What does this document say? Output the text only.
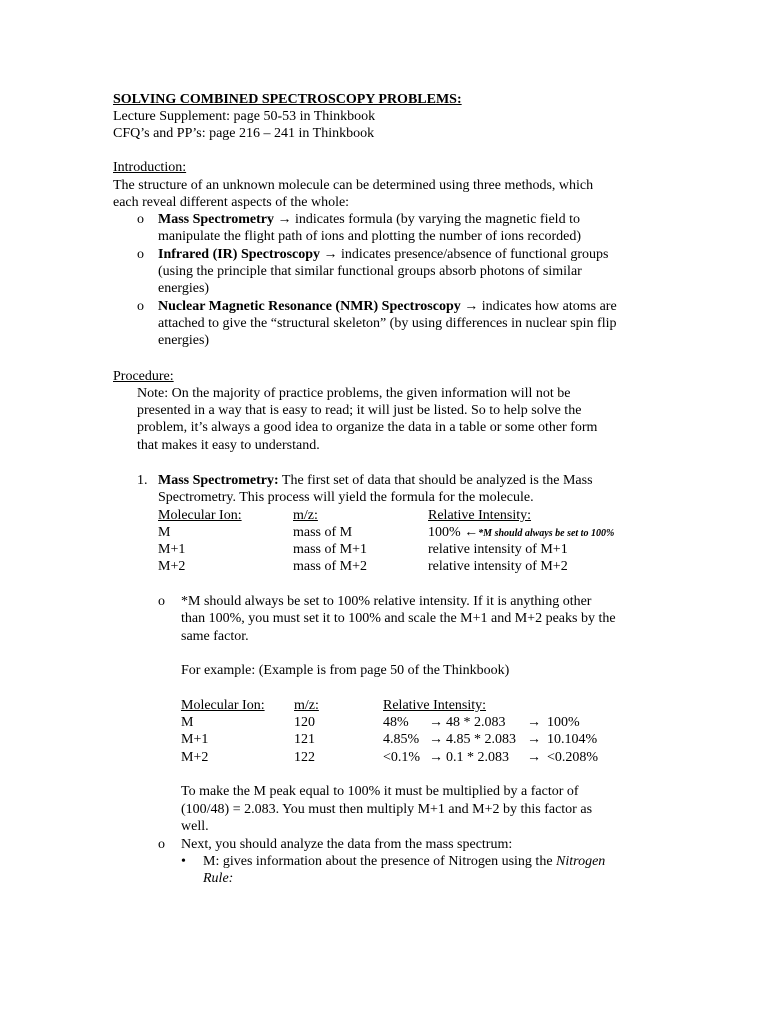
SOLVING COMBINED SPECTROSCOPY PROBLEMS:
Lecture Supplement: page 50-53 in Thinkbook
CFQ’s and PP’s: page 216 – 241 in Thinkbook
Introduction:
The structure of an unknown molecule can be determined using three methods, which
each reveal different aspects of the whole:
o Mass Spectrometry → indicates formula (by varying the magnetic field to
manipulate the flight path of ions and plotting the number of ions recorded)
o Infrared (IR) Spectroscopy → indicates presence/absence of functional groups
(using the principle that similar functional groups absorb photons of similar
energies)
o Nuclear Magnetic Resonance (NMR) Spectroscopy → indicates how atoms are
attached to give the “structural skeleton” (by using differences in nuclear spin flip
energies)
Procedure:
Note: On the majority of practice problems, the given information will not be
presented in a way that is easy to read; it will just be listed. So to help solve the
problem, it’s always a good idea to organize the data in a table or some other form
that makes it easy to understand.
1. Mass Spectrometry: The first set of data that should be analyzed is the Mass
Spectrometry. This process will yield the formula for the molecule.
Molecular Ion:	m/z:	Relative Intensity:
M	mass of M	100% ←*M should always be set to 100%
M+1	mass of M+1	relative intensity of M+1
M+2	mass of M+2	relative intensity of M+2
o *M should always be set to 100% relative intensity. If it is anything other
than 100%, you must set it to 100% and scale the M+1 and M+2 peaks by the
same factor.
For example: (Example is from page 50 of the Thinkbook)
Molecular Ion: m/z:	Relative Intensity:
M	120	48% → 48 * 2.083 → 100%
M+1	121	4.85% → 4.85 * 2.083 → 10.104%
M+2	122	<0.1% → 0.1 * 2.083 → <0.208%
To make the M peak equal to 100% it must be multiplied by a factor of
(100/48) = 2.083. You must then multiply M+1 and M+2 by this factor as
well.
o Next, you should analyze the data from the mass spectrum:
• M: gives information about the presence of Nitrogen using the Nitrogen
Rule:
